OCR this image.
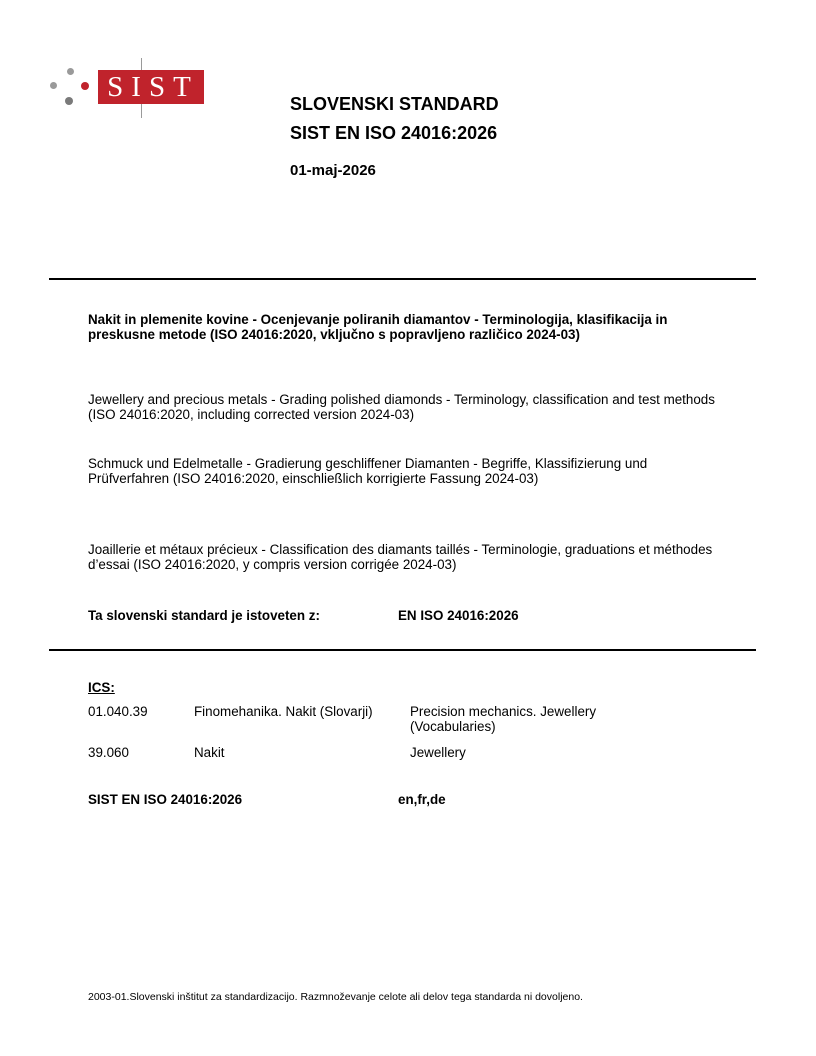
SIST
SLOVENSKI STANDARD
SIST EN ISO 24016:2026
01-maj-2026
Nakit in plemenite kovine - Ocenjevanje poliranih diamantov - Terminologija, klasifikacija in preskusne metode (ISO 24016:2020, vključno s popravljeno različico 2024-03)
Jewellery and precious metals - Grading polished diamonds - Terminology, classification and test methods (ISO 24016:2020, including corrected version 2024-03)
Schmuck und Edelmetalle - Gradierung geschliffener Diamanten - Begriffe, Klassifizierung und Prüfverfahren (ISO 24016:2020, einschließlich korrigierte Fassung 2024-03)
Joaillerie et métaux précieux - Classification des diamants taillés - Terminologie, graduations et méthodes d’essai (ISO 24016:2020, y compris version corrigée 2024-03)
Ta slovenski standard je istoveten z:	EN ISO 24016:2026
ICS:
01.040.39	Finomehanika. Nakit (Slovarji)	Precision mechanics. Jewellery (Vocabularies)
39.060	Nakit	Jewellery
SIST EN ISO 24016:2026	en,fr,de
2003-01.Slovenski inštitut za standardizacijo. Razmnoževanje celote ali delov tega standarda ni dovoljeno.
